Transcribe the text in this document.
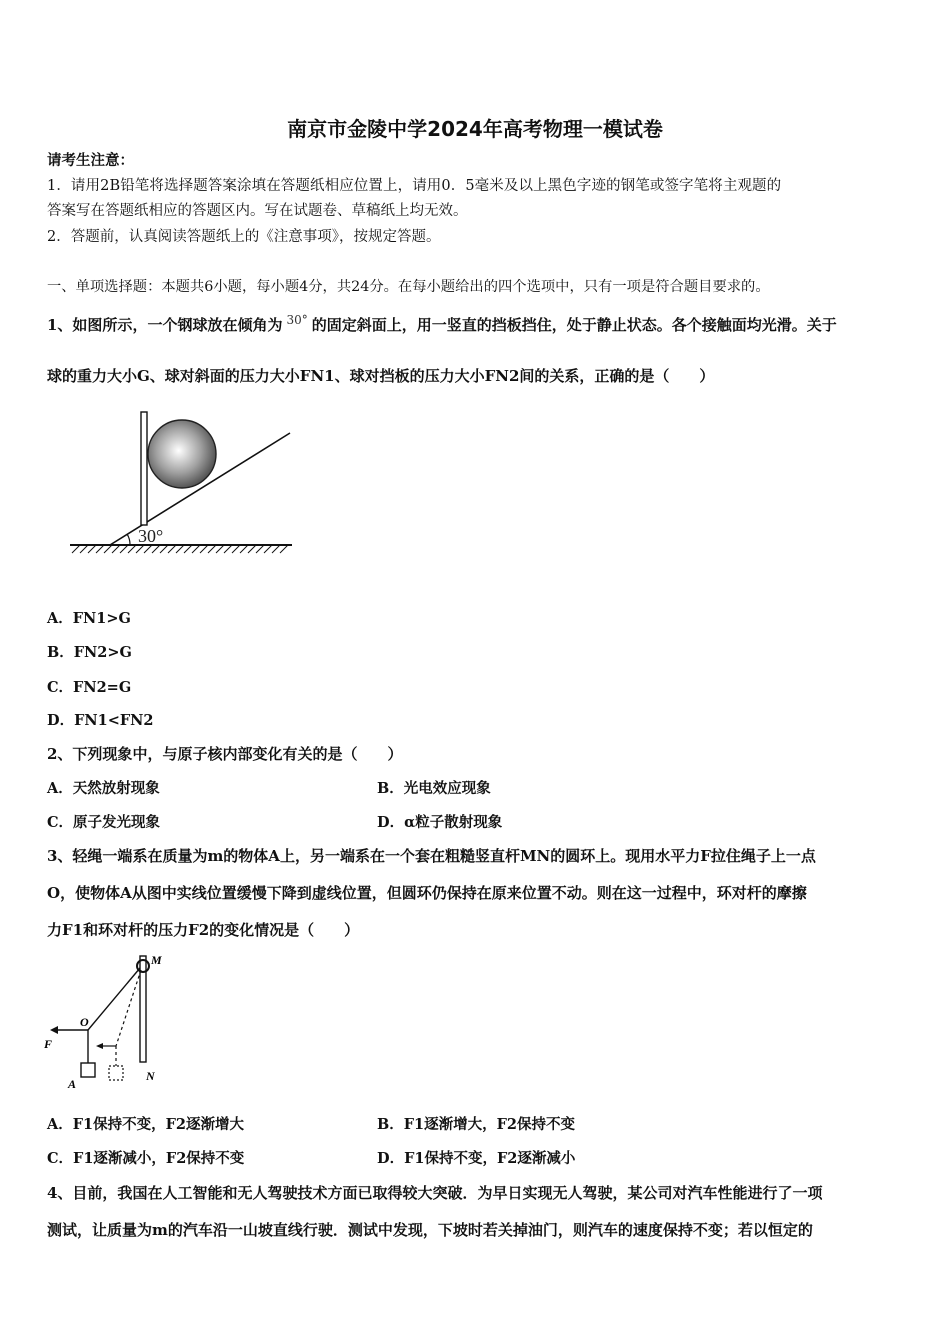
南京市金陵中学2024年高考物理一模试卷
请考生注意：
1．请用2B铅笔将选择题答案涂填在答题纸相应位置上，请用0．5毫米及以上黑色字迹的钢笔或签字笔将主观题的
答案写在答题纸相应的答题区内。写在试题卷、草稿纸上均无效。
2．答题前，认真阅读答题纸上的《注意事项》，按规定答题。
一、单项选择题：本题共6小题，每小题4分，共24分。在每小题给出的四个选项中，只有一项是符合题目要求的。
1、如图所示，一个钢球放在倾角为 $^{30^\circ}$ 的固定斜面上，用一竖直的挡板挡住，处于静止状态。各个接触面均光滑。关于
球的重力大小G、球对斜面的压力大小FN1、球对挡板的压力大小FN2间的关系，正确的是（　　）
30°
A．FN1>G
B．FN2>G
C．FN2=G
D．FN1<FN2
2、下列现象中，与原子核内部变化有关的是（　　）
A．天然放射现象	B．光电效应现象
C．原子发光现象	D．α粒子散射现象
3、轻绳一端系在质量为m的物体A上，另一端系在一个套在粗糙竖直杆MN的圆环上。现用水平力F拉住绳子上一点
O，使物体A从图中实线位置缓慢下降到虚线位置，但圆环仍保持在原来位置不动。则在这一过程中，环对杆的摩擦
力F1和环对杆的压力F2的变化情况是（　　）
M
O
F
A
N
A．F1保持不变，F2逐渐增大	B．F1逐渐增大，F2保持不变
C．F1逐渐减小，F2保持不变	D．F1保持不变，F2逐渐减小
4、目前，我国在人工智能和无人驾驶技术方面已取得较大突破．为早日实现无人驾驶，某公司对汽车性能进行了一项
测试，让质量为m的汽车沿一山坡直线行驶．测试中发现，下坡时若关掉油门，则汽车的速度保持不变；若以恒定的
